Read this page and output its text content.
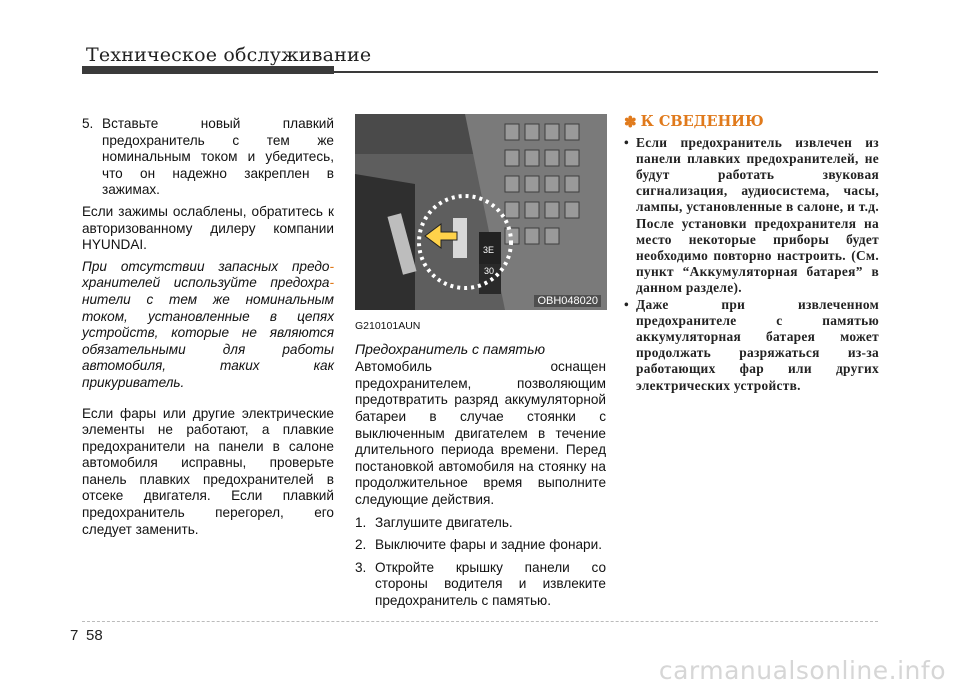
Техническое обслуживание
5. Вставьте новый плавкий предохранитель с тем же номинальным током и убедитесь, что он надежно закреплен в зажимах.

Если зажимы ослаблены, обратитесь к авторизованному дилеру компании HYUNDAI.

При отсутствии запасных предо- хранителей используйте предохра- нители с тем же номинальным током, установленные в цепях устройств, которые не являются обязательными для работы автомобиля, таких как прикуриватель.

Если фары или другие электрические элементы не работают, а плавкие предохранители на панели в салоне автомобиля исправны, проверьте панель плавких предохранителей в отсеке двигателя. Если плавкий предохранитель перегорел, его следует заменить.

3E
30
OBH048020
G210101AUN
Предохранитель с памятью

Автомобиль оснащен предохранителем, позволяющим предотвратить разряд аккумуляторной батареи в случае стоянки с выключенным двигателем в течение длительного периода времени. Перед постановкой автомобиля на стоянку на продолжительное время выполните следующие действия.

1. Заглушите двигатель.
2. Выключите фары и задние фонари.
3. Откройте крышку панели со стороны водителя и извлеките предохранитель с памятью.
✽ К СВЕДЕНИЮ
• Если предохранитель извлечен из панели плавких предохранителей, не будут работать звуковая сигнализация, аудиосистема, часы, лампы, установленные в салоне, и т.д. После установки предохранителя на место некоторые приборы будет необходимо повторно настроить. (См. пункт “Аккумуляторная батарея” в данном разделе).
• Даже при извлеченном предохранителе с памятью аккумуляторная батарея может продолжать разряжаться из-за работающих фар или других электрических устройств.
7 58
carmanualsonline.info
